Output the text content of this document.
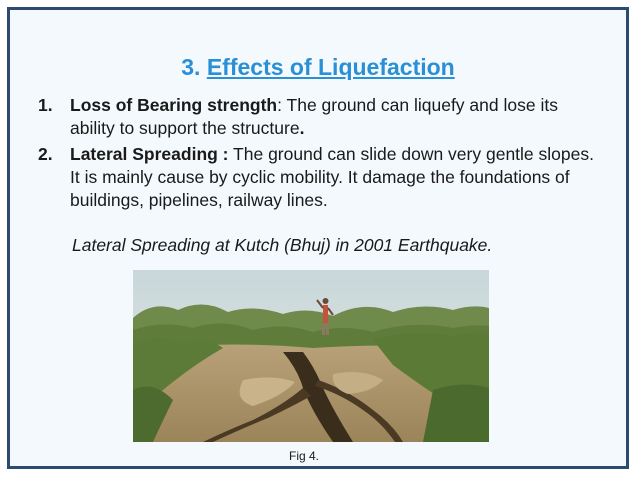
3. Effects of Liquefaction
1. Loss of Bearing strength: The ground can liquefy and lose its ability to support the structure.
2. Lateral Spreading : The ground can slide down very gentle slopes. It is mainly cause by cyclic mobility. It damage the foundations of buildings, pipelines, railway lines.
Lateral Spreading at Kutch (Bhuj) in 2001 Earthquake.
Fig 4.
